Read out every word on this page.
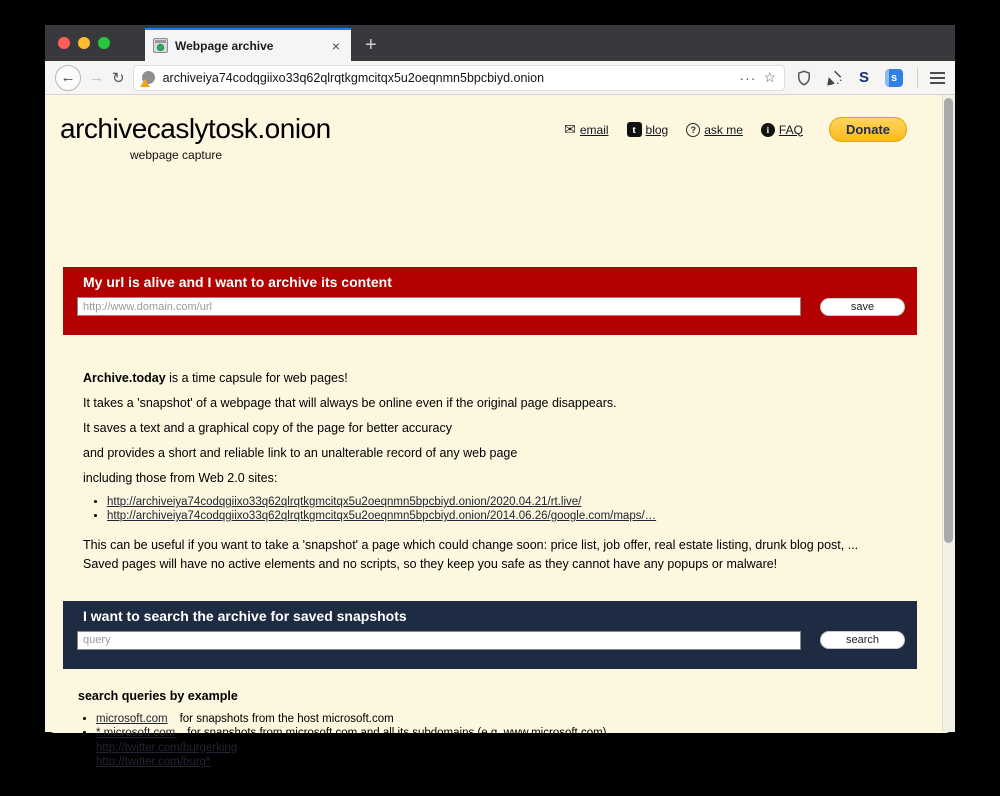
Webpage archive	× +
← → ↻	archiveiya74codqgiixo33q62qlrqtkgmcitqx5u2oeqnmn5bpcbiyd.onion	··· ☆	S	s
archivecaslytosk.onion
webpage capture
✉ email	t blog	? ask me	i FAQ	Donate
My url is alive and I want to archive its content
http://www.domain.com/url
save

Archive.today is a time capsule for web pages!

It takes a 'snapshot' of a webpage that will always be online even if the original page disappears.

It saves a text and a graphical copy of the page for better accuracy

and provides a short and reliable link to an unalterable record of any web page

including those from Web 2.0 sites:

• http://archiveiya74codqgiixo33q62qlrqtkgmcitqx5u2oeqnmn5bpcbiyd.onion/2020.04.21/rt.live/
• http://archiveiya74codqgiixo33q62qlrqtkgmcitqx5u2oeqnmn5bpcbiyd.onion/2014.06.26/google.com/maps/…
This can be useful if you want to take a 'snapshot' a page which could change soon: price list, job offer, real estate listing, drunk blog post, ...
Saved pages will have no active elements and no scripts, so they keep you safe as they cannot have any popups or malware!
I want to search the archive for saved snapshots
query
search
search queries by example
• microsoft.com for snapshots from the host microsoft.com
• *.microsoft.com for snapshots from microsoft.com and all its subdomains (e.g. www.microsoft.com)
• http://twitter.com/burgerking for snapshots from exact url (search is case-sensitive)
• http://twitter.com/burg* for snapshots from urls starting with http://twitter.com/burg
